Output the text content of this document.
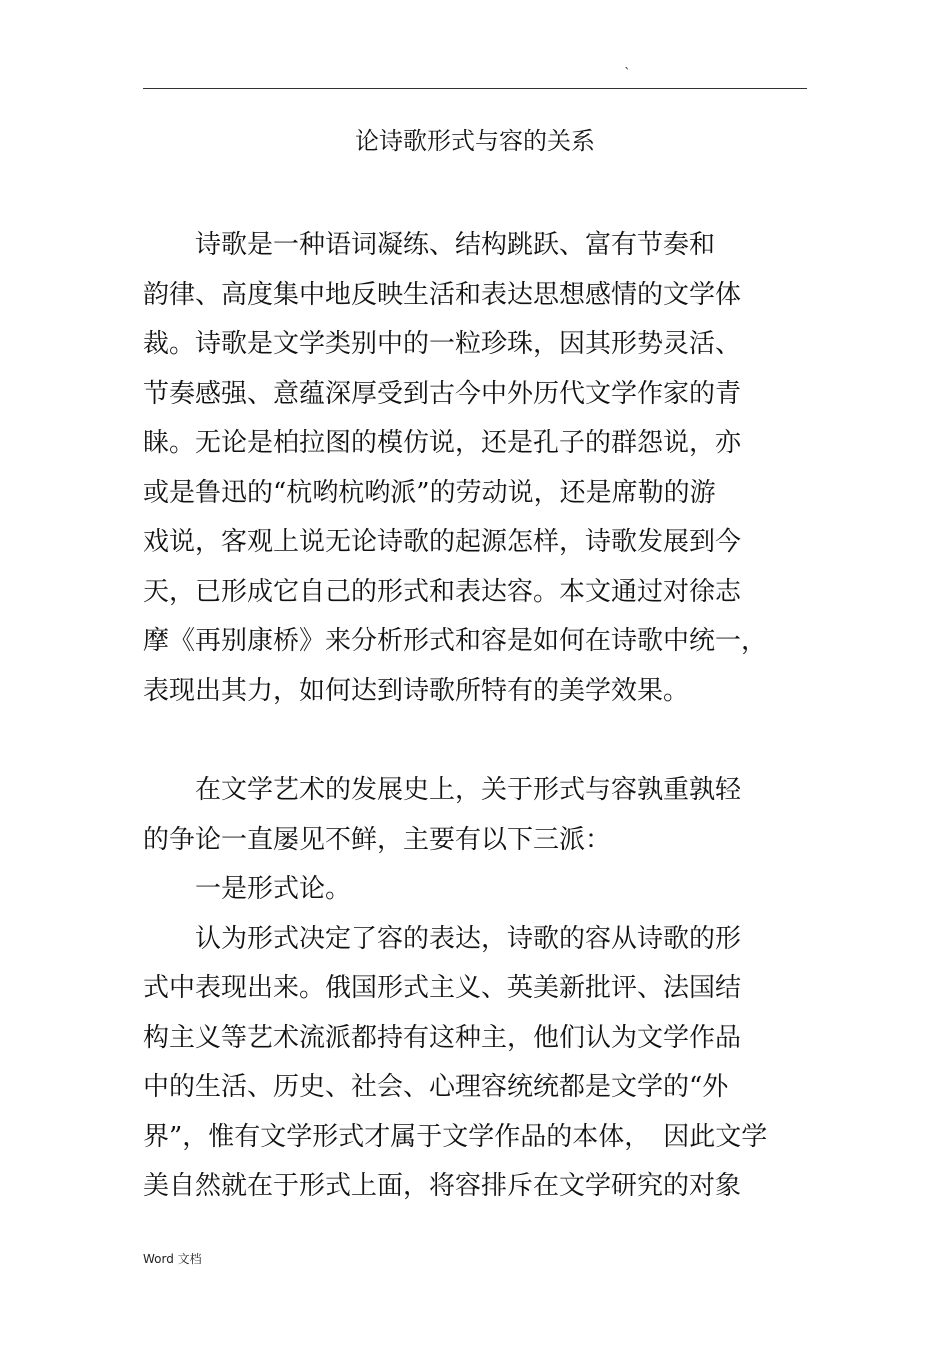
`
论诗歌形式与容的关系
　　诗歌是一种语词凝练、结构跳跃、富有节奏和
韵律、高度集中地反映生活和表达思想感情的文学体
裁。诗歌是文学类别中的一粒珍珠，因其形势灵活、
节奏感强、意蕴深厚受到古今中外历代文学作家的青
睐。无论是柏拉图的模仿说，还是孔子的群怨说，亦
或是鲁迅的“杭哟杭哟派”的劳动说，还是席勒的游
戏说，客观上说无论诗歌的起源怎样，诗歌发展到今
天，已形成它自己的形式和表达容。本文通过对徐志
摩《再别康桥》来分析形式和容是如何在诗歌中统一，
表现出其力，如何达到诗歌所特有的美学效果。
　　在文学艺术的发展史上，关于形式与容孰重孰轻
的争论一直屡见不鲜，主要有以下三派：
　　一是形式论。
　　认为形式决定了容的表达，诗歌的容从诗歌的形
式中表现出来。俄国形式主义、英美新批评、法国结
构主义等艺术流派都持有这种主，他们认为文学作品
中的生活、历史、社会、心理容统统都是文学的“外
界”，惟有文学形式才属于文学作品的本体，　因此文学
美自然就在于形式上面，将容排斥在文学研究的对象
Word 文档
